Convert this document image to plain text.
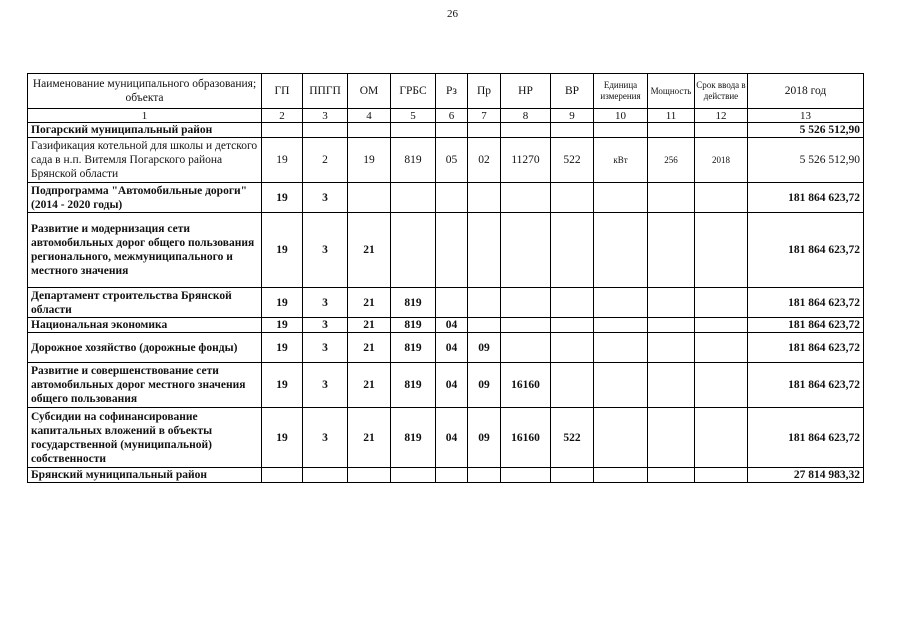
26
Наименование муниципального образования; объекта	ГП	ППГП	ОМ	ГРБС	Рз	Пр	НР	ВР	Единица измерения	Мощность	Срок ввода в действие	2018 год
1	2	3	4	5	6	7	8	9	10	11	12	13
Погарский муниципальный район												5 526 512,90
Газификация котельной для школы и детского сада в н.п. Витемля Погарского района Брянской области	19	2	19	819	05	02	11270	522	кВт	256	2018	5 526 512,90
Подпрограмма "Автомобильные дороги" (2014 - 2020 годы)	19	3										181 864 623,72
Развитие и модернизация сети автомобильных дорог общего пользования регионального, межмуниципального и местного значения	19	3	21									181 864 623,72
Департамент строительства Брянской области	19	3	21	819								181 864 623,72
Национальная экономика	19	3	21	819	04							181 864 623,72
Дорожное хозяйство (дорожные фонды)	19	3	21	819	04	09						181 864 623,72
Развитие и совершенствование сети автомобильных дорог местного значения общего пользования	19	3	21	819	04	09	16160					181 864 623,72
Субсидии на софинансирование капитальных вложений в объекты государственной (муниципальной) собственности	19	3	21	819	04	09	16160	522				181 864 623,72
Брянский муниципальный район												27 814 983,32
